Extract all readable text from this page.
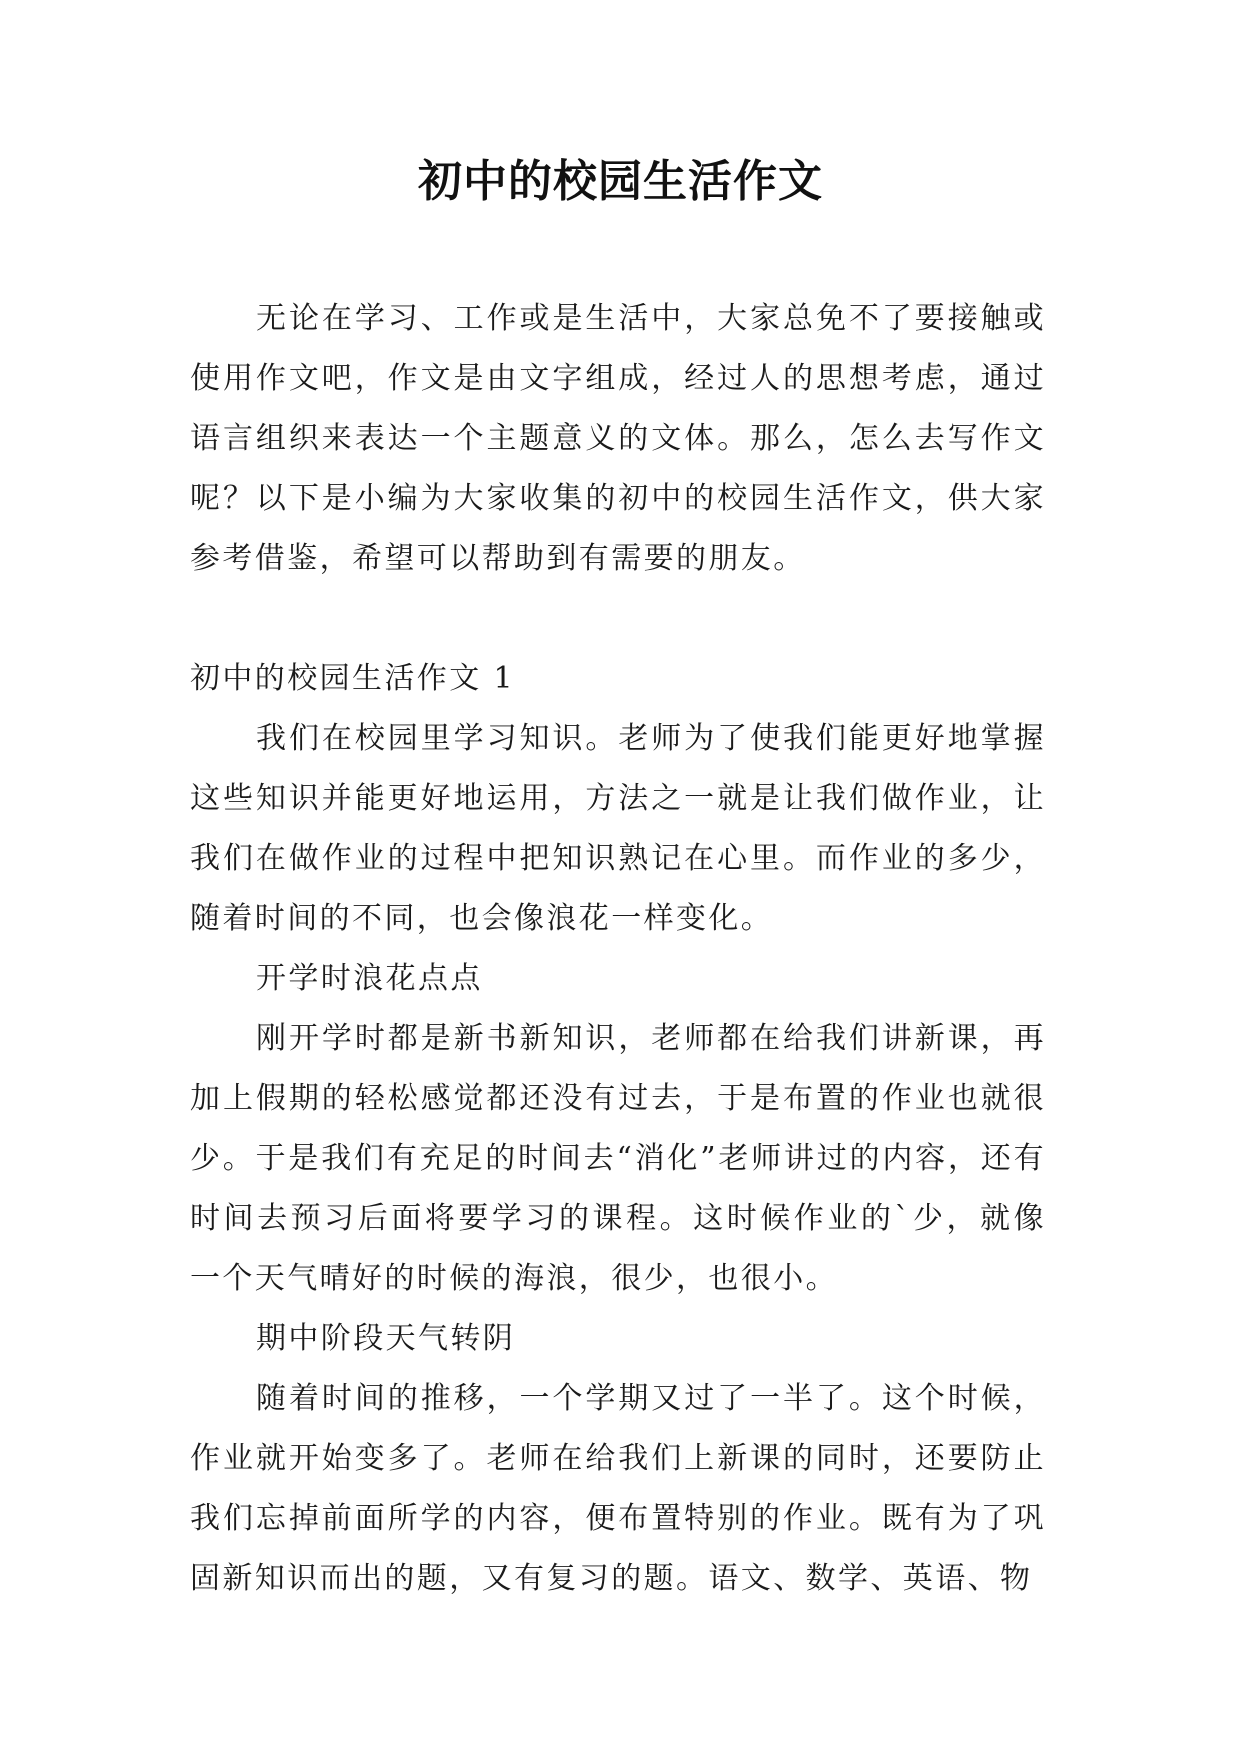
初中的校园生活作文

无论在学习、工作或是生活中，大家总免不了要接触或使用作文吧，作文是由文字组成，经过人的思想考虑，通过语言组织来表达一个主题意义的文体。那么，怎么去写作文呢？以下是小编为大家收集的初中的校园生活作文，供大家参考借鉴，希望可以帮助到有需要的朋友。

初中的校园生活作文 1

我们在校园里学习知识。老师为了使我们能更好地掌握这些知识并能更好地运用，方法之一就是让我们做作业，让我们在做作业的过程中把知识熟记在心里。而作业的多少，随着时间的不同，也会像浪花一样变化。

开学时浪花点点

刚开学时都是新书新知识，老师都在给我们讲新课，再加上假期的轻松感觉都还没有过去，于是布置的作业也就很少。于是我们有充足的时间去“消化”老师讲过的内容，还有时间去预习后面将要学习的课程。这时候作业的`少，就像一个天气晴好的时候的海浪，很少，也很小。

期中阶段天气转阴

随着时间的推移，一个学期又过了一半了。这个时候，作业就开始变多了。老师在给我们上新课的同时，还要防止我们忘掉前面所学的内容，便布置特别的作业。既有为了巩固新知识而出的题，又有复习的题。语文、数学、英语、物
